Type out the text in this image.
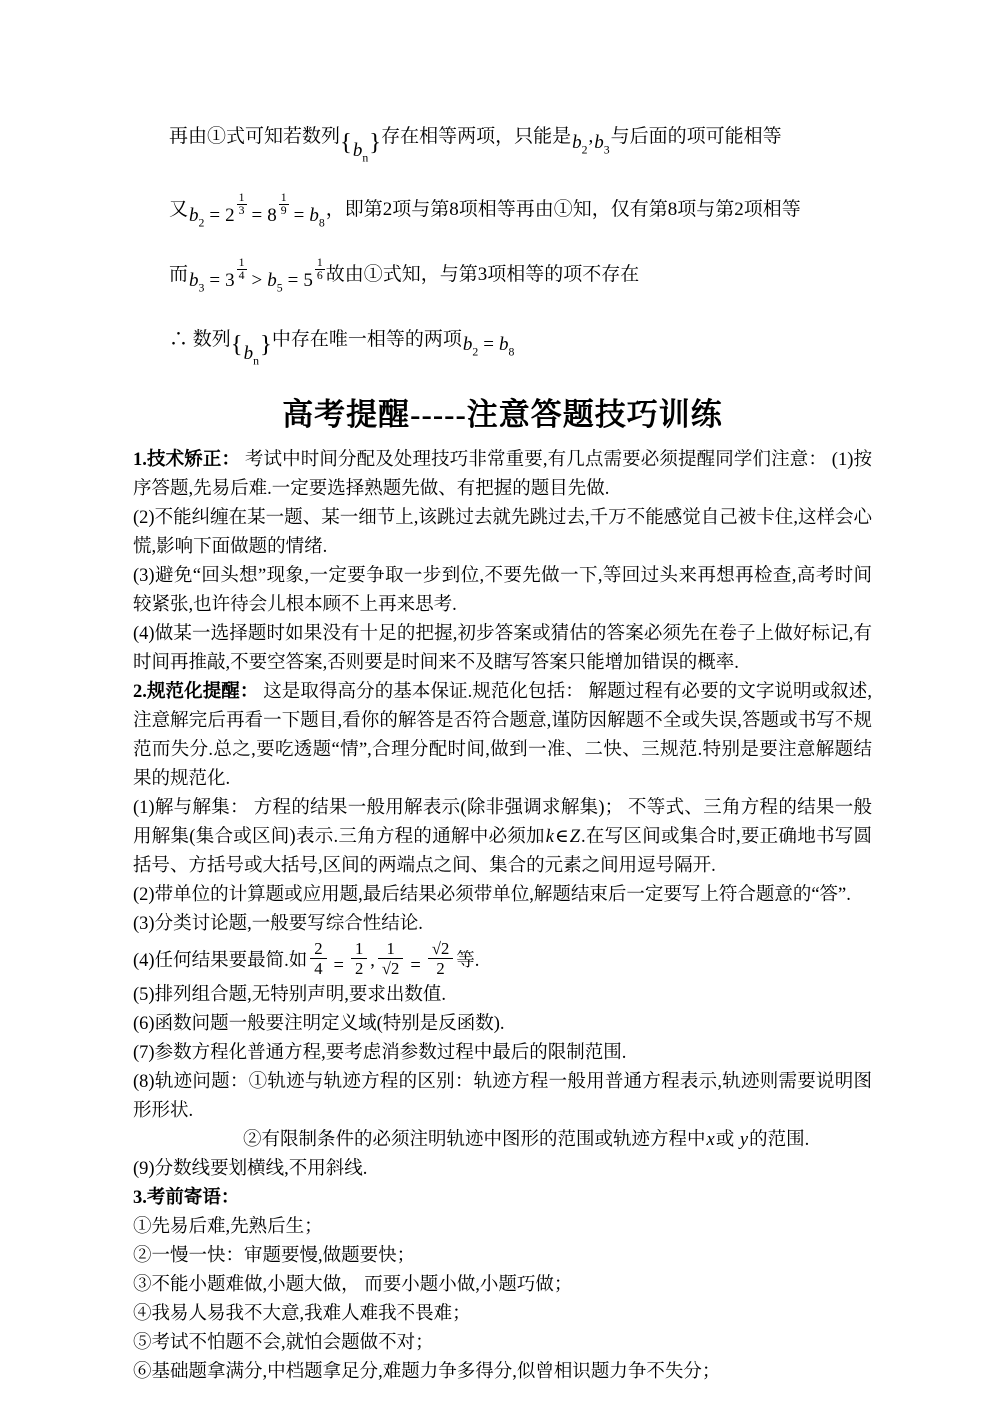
再由①式可知若数列$\{b_n\}$存在相等两项，只能是$b_2,b_3$与后面的项可能相等

又$b_2 = 2 \frac{1}{3} = 8 \frac{1}{9} = b_8$，即第2项与第8项相等再由①知，仅有第8项与第2项相等

而$b_3 = 3 \frac{1}{4} > b_5 = 5 \frac{1}{6}$ 故由①式知，与第3项相等的项不存在

∴ 数列$\{b_n\}$中存在唯一相等的两项$b_2 = b_8$

高考提醒-----注意答题技巧训练

1.技术矫正： 考试中时间分配及处理技巧非常重要,有几点需要必须提醒同学们注意： (1)按序答题,先易后难.一定要选择熟题先做、有把握的题目先做.

(2)不能纠缠在某一题、某一细节上,该跳过去就先跳过去,千万不能感觉自己被卡住,这样会心慌,影响下面做题的情绪.

(3)避免“回头想”现象,一定要争取一步到位,不要先做一下,等回过头来再想再检查,高考时间较紧张,也许待会儿根本顾不上再来思考.

(4)做某一选择题时如果没有十足的把握,初步答案或猜估的答案必须先在卷子上做好标记,有时间再推敲,不要空答案,否则要是时间来不及瞎写答案只能增加错误的概率.

2.规范化提醒： 这是取得高分的基本保证.规范化包括： 解题过程有必要的文字说明或叙述,注意解完后再看一下题目,看你的解答是否符合题意,谨防因解题不全或失误,答题或书写不规范而失分.总之,要吃透题“情”,合理分配时间,做到一准、二快、三规范.特别是要注意解题结果的规范化.

(1)解与解集： 方程的结果一般用解表示(除非强调求解集)； 不等式、三角方程的结果一般用解集(集合或区间)表示.三角方程的通解中必须加k∈Z.在写区间或集合时,要正确地书写圆括号、方括号或大括号,区间的两端点之间、集合的元素之间用逗号隔开.

(2)带单位的计算题或应用题,最后结果必须带单位,解题结束后一定要写上符合题意的“答”.

(3)分类讨论题,一般要写综合性结论.

(4)任何结果要最简.如 $\frac{2}{4} = \frac{1}{2}$ , $\frac{1}{√2} = \frac{√2}{2}$ 等.

(5)排列组合题,无特别声明,要求出数值.

(6)函数问题一般要注明定义域(特别是反函数).

(7)参数方程化普通方程,要考虑消参数过程中最后的限制范围.

(8)轨迹问题：①轨迹与轨迹方程的区别：轨迹方程一般用普通方程表示,轨迹则需要说明图形形状.

②有限制条件的必须注明轨迹中图形的范围或轨迹方程中x或 y的范围.

(9)分数线要划横线,不用斜线.

3.考前寄语：

①先易后难,先熟后生；

②一慢一快：审题要慢,做题要快；

③不能小题难做,小题大做， 而要小题小做,小题巧做；

④我易人易我不大意,我难人难我不畏难；

⑤考试不怕题不会,就怕会题做不对；

⑥基础题拿满分,中档题拿足分,难题力争多得分,似曾相识题力争不失分；
